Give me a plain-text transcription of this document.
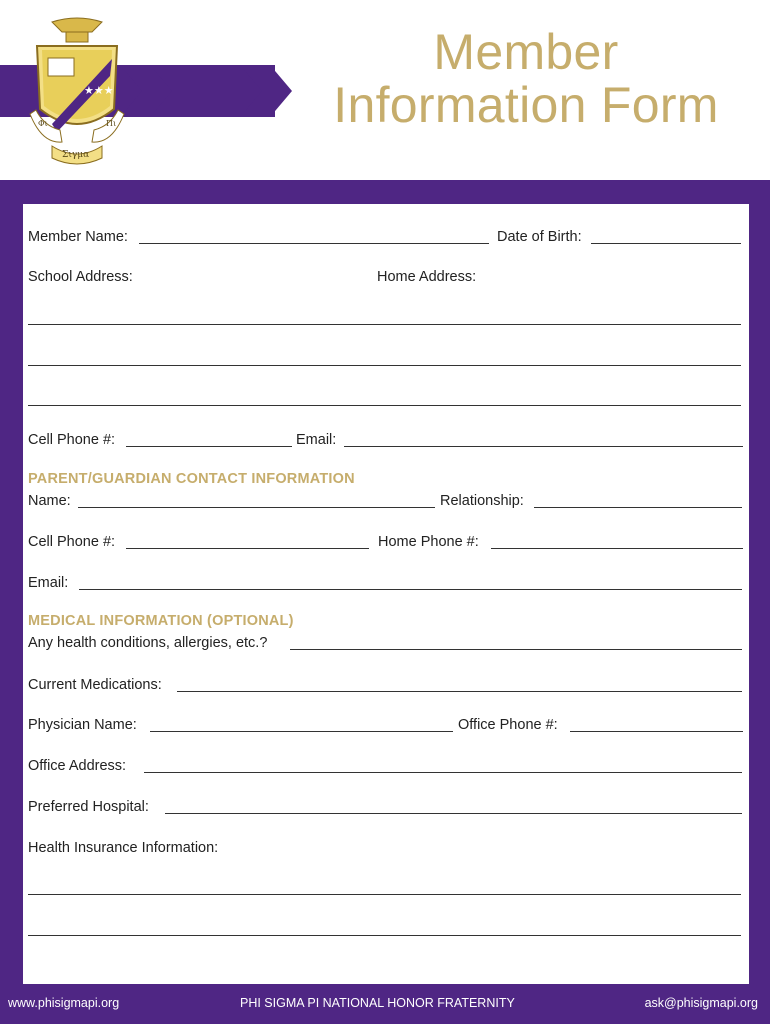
★★★
Φι	Πι
Σιγμα
Member
Information Form
Member Name:	Date of Birth:
School Address:	Home Address:
Cell Phone #:	Email:
PARENT/GUARDIAN CONTACT INFORMATION
Name:	Relationship:
Cell Phone #:	Home Phone #:
Email:
MEDICAL INFORMATION (OPTIONAL)
Any health conditions, allergies, etc.?
Current Medications:
Physician Name:	Office Phone #:
Office Address:
Preferred Hospital:
Health Insurance Information:
www.phisigmapi.org	PHI SIGMA PI NATIONAL HONOR FRATERNITY	ask@phisigmapi.org
